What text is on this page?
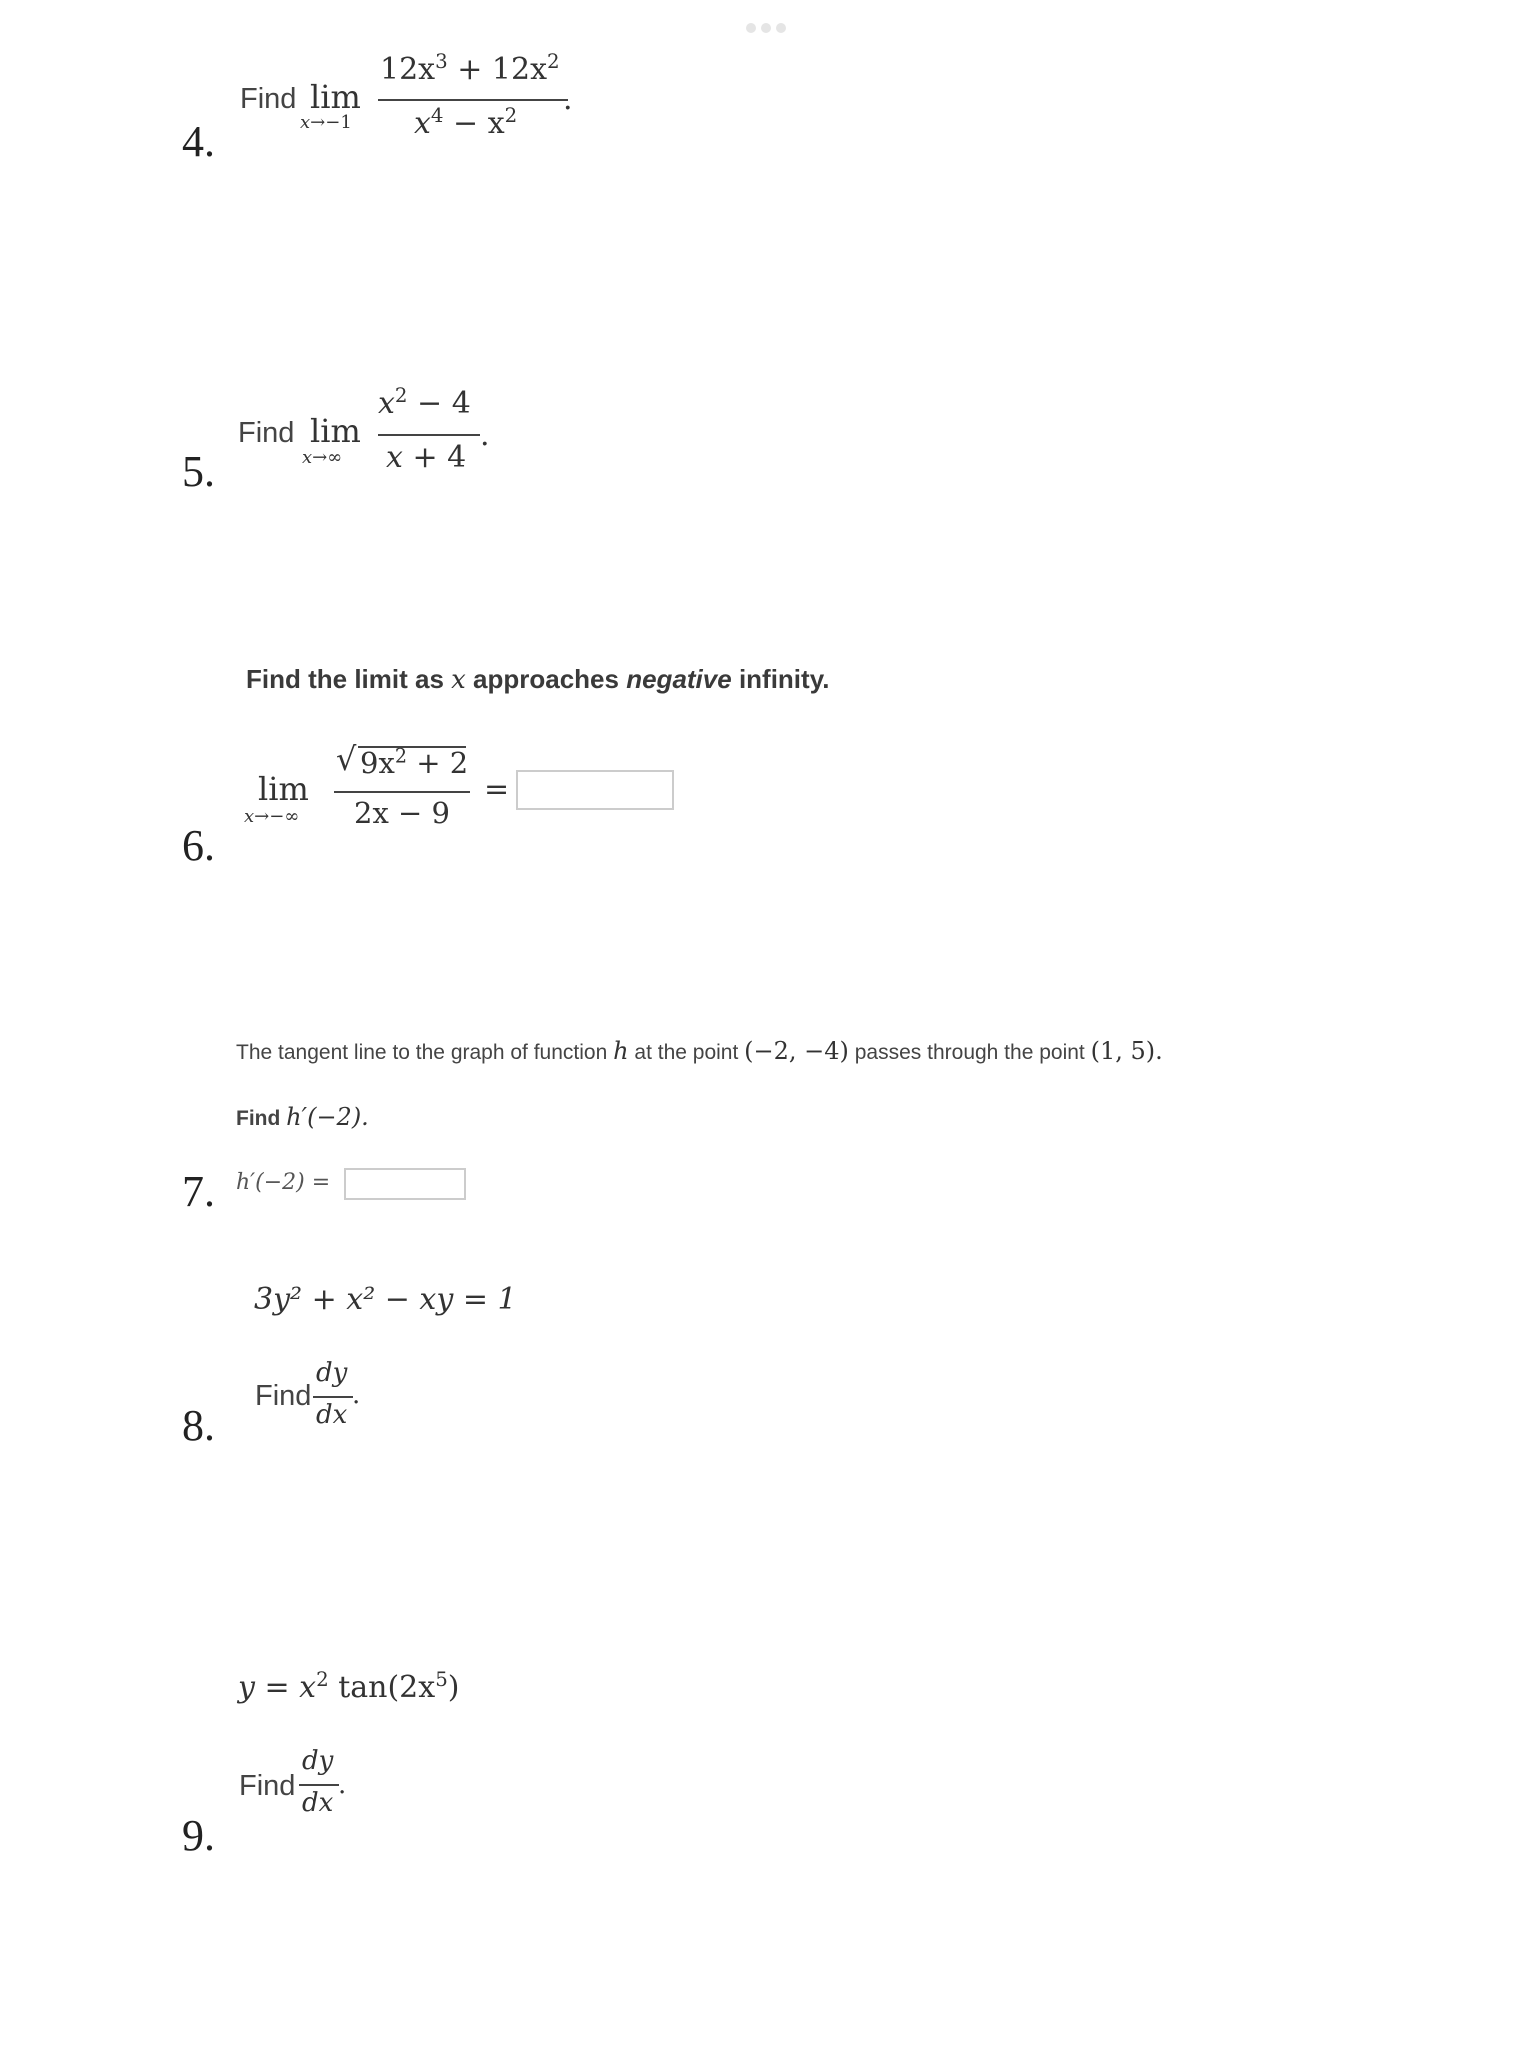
4.
Find lim
x→−1
$12x^3 + 12x^2$
$x^4 - x^2$ .
5.
Find lim
x→∞
$x^2 - 4$
x + 4
.
Find the limit as x approaches negative infinity.
6.
lim
x→−∞
√ $9x^2 + 2$
2x − 9
=
The tangent line to the graph of function h at the point (−2, −4) passes through the point (1, 5).
Find h′(−2).
7. h′(−2) =
3y² + x² − xy = 1
8.
Find
dy
dx
.
$y = x^2$ $\tan(2x^5)$
9.
Find
dy
dx
.
